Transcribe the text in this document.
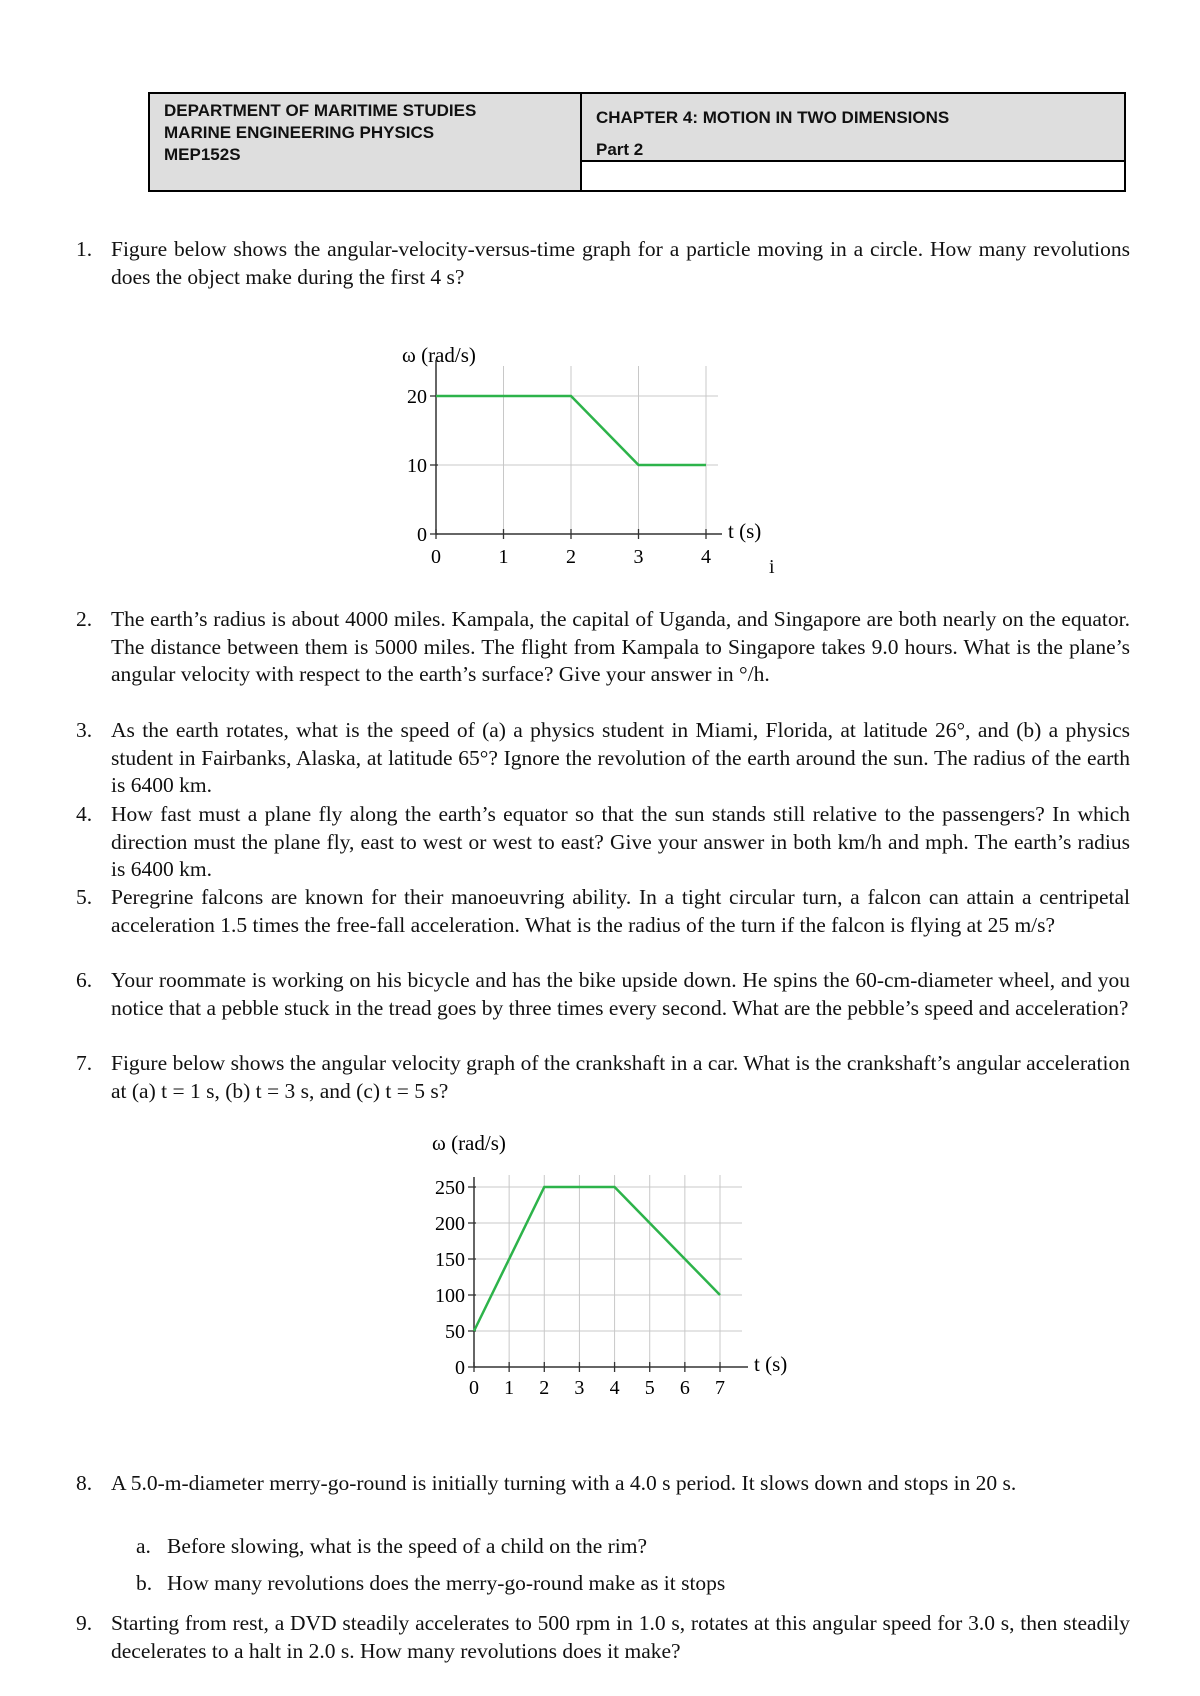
DEPARTMENT OF MARITIME STUDIES
MARINE ENGINEERING PHYSICS
MEP152S
CHAPTER 4: MOTION IN TWO DIMENSIONS
Part 2
1. Figure below shows the angular-velocity-versus-time graph for a particle moving in a circle. How many revolutions does the object make during the first 4 s?
ω (rad/s)
t (s)
0	1	2	3	4
0
10
20
i
2. The earth’s radius is about 4000 miles. Kampala, the capital of Uganda, and Singapore are both nearly on the equator. The distance between them is 5000 miles. The flight from Kampala to Singapore takes 9.0 hours. What is the plane’s angular velocity with respect to the earth’s surface? Give your answer in °/h.
3. As the earth rotates, what is the speed of (a) a physics student in Miami, Florida, at latitude 26°, and (b) a physics student in Fairbanks, Alaska, at latitude 65°? Ignore the revolution of the earth around the sun. The radius of the earth is 6400 km.
4. How fast must a plane fly along the earth’s equator so that the sun stands still relative to the passengers? In which direction must the plane fly, east to west or west to east? Give your answer in both km/h and mph. The earth’s radius is 6400 km.
5. Peregrine falcons are known for their manoeuvring ability. In a tight circular turn, a falcon can attain a centripetal acceleration 1.5 times the free-fall acceleration. What is the radius of the turn if the falcon is flying at 25 m/s?
6. Your roommate is working on his bicycle and has the bike upside down. He spins the 60-cm-diameter wheel, and you notice that a pebble stuck in the tread goes by three times every second. What are the pebble’s speed and acceleration?
7. Figure below shows the angular velocity graph of the crankshaft in a car. What is the crankshaft’s angular acceleration at (a) t = 1 s, (b) t = 3 s, and (c) t = 5 s?
ω (rad/s)
t (s)
0 1 2 3 4 5 6 7
0
50
100
150
200
250
8. A 5.0-m-diameter merry-go-round is initially turning with a 4.0 s period. It slows down and stops in 20 s.
a. Before slowing, what is the speed of a child on the rim?
b. How many revolutions does the merry-go-round make as it stops
9. Starting from rest, a DVD steadily accelerates to 500 rpm in 1.0 s, rotates at this angular speed for 3.0 s, then steadily decelerates to a halt in 2.0 s. How many revolutions does it make?
